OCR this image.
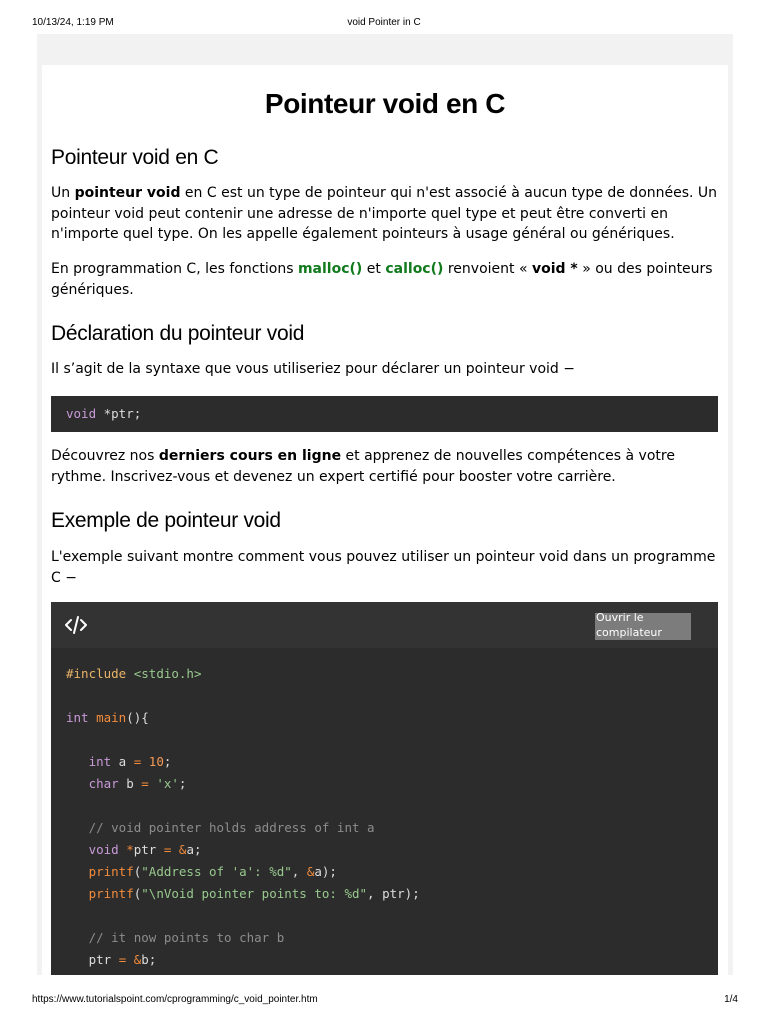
10/13/24, 1:19 PM	void Pointer in C
Pointeur void en C
Pointeur void en C

Un pointeur void en C est un type de pointeur qui n'est associé à aucun type de données. Un pointeur void peut contenir une adresse de n'importe quel type et peut être converti en n'importe quel type. On les appelle également pointeurs à usage général ou génériques.

En programmation C, les fonctions malloc() et calloc() renvoient « void * » ou des pointeurs génériques.

Déclaration du pointeur void

Il s’agit de la syntaxe que vous utiliseriez pour déclarer un pointeur void −

void *ptr;

Découvrez nos derniers cours en ligne et apprenez de nouvelles compétences à votre rythme. Inscrivez-vous et devenez un expert certifié pour booster votre carrière.

Exemple de pointeur void

L'exemple suivant montre comment vous pouvez utiliser un pointeur void dans un programme C −

Ouvrir le compilateur
#include <stdio.h>
int main(){
int a = 10;
char b = 'x';
// void pointer holds address of int a
void *ptr = &a;
printf("Address of 'a': %d", &a);
printf("\nVoid pointer points to: %d", ptr);
// it now points to char b
ptr = &b;
https://www.tutorialspoint.com/cprogramming/c_void_pointer.htm	1/4
